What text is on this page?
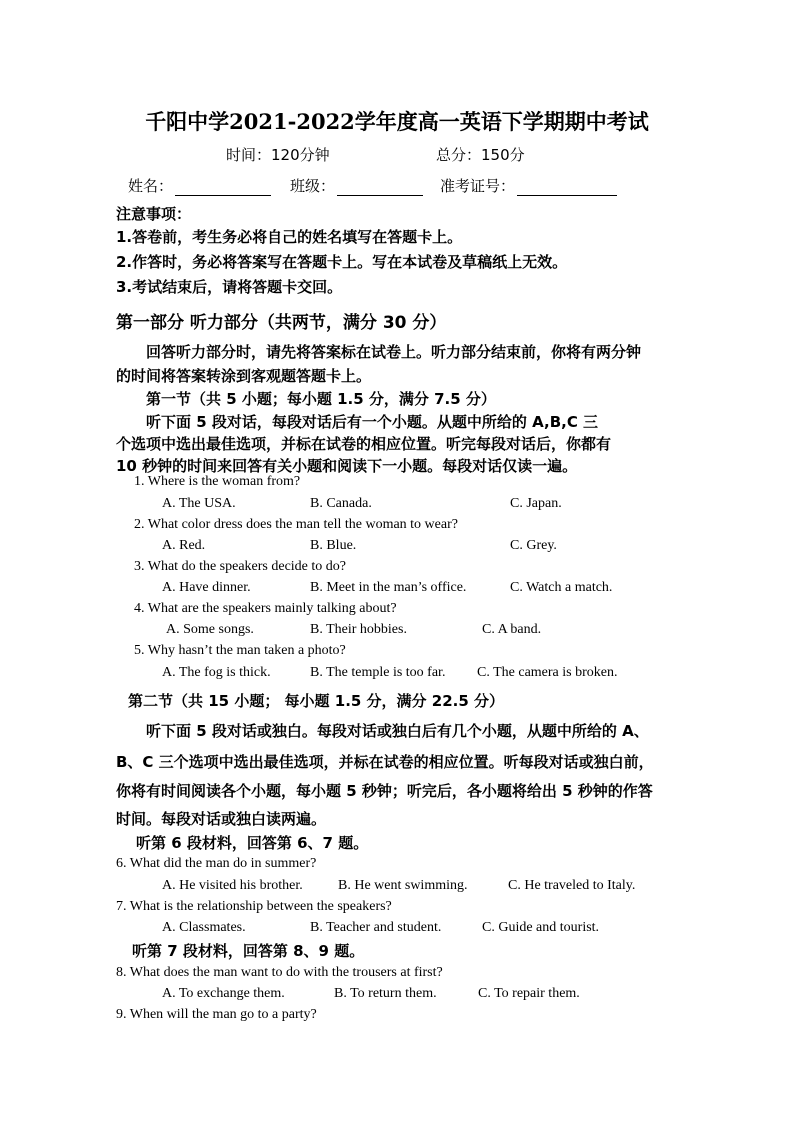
千阳中学2021-2022学年度高一英语下学期期中考试
时间：120分钟	总分：150分
姓名：	班级：	准考证号：
注意事项：
1.答卷前，考生务必将自己的姓名填写在答题卡上。
2.作答时，务必将答案写在答题卡上。写在本试卷及草稿纸上无效。
3.考试结束后，请将答题卡交回。
第一部分 听力部分（共两节，满分 30 分）
回答听力部分时，请先将答案标在试卷上。听力部分结束前，你将有两分钟
的时间将答案转涂到客观题答题卡上。
第一节（共 5 小题；每小题 1.5 分，满分 7.5 分）
听下面 5 段对话，每段对话后有一个小题。从题中所给的 A,B,C 三
个选项中选出最佳选项，并标在试卷的相应位置。听完每段对话后，你都有
10 秒钟的时间来回答有关小题和阅读下一小题。每段对话仅读一遍。
1. Where is the woman from?
A. The USA.	B. Canada.	C. Japan.
2. What color dress does the man tell the woman to wear?
A. Red.	B. Blue.	C. Grey.
3. What do the speakers decide to do?
A. Have dinner.	B. Meet in the man’s office.	C. Watch a match.
4. What are the speakers mainly talking about?
A. Some songs.	B. Their hobbies.	C. A band.
5. Why hasn’t the man taken a photo?
A. The fog is thick.	B. The temple is too far. C. The camera is broken.
第二节（共 15 小题； 每小题 1.5 分，满分 22.5 分）
听下面 5 段对话或独白。每段对话或独白后有几个小题，从题中所给的 A、
B、C 三个选项中选出最佳选项，并标在试卷的相应位置。听每段对话或独白前，
你将有时间阅读各个小题，每小题 5 秒钟；听完后，各小题将给出 5 秒钟的作答
时间。每段对话或独白读两遍。
听第 6 段材料，回答第 6、7 题。
6. What did the man do in summer?
A. He visited his brother.	B. He went swimming.	C. He traveled to Italy.
7. What is the relationship between the speakers?
A. Classmates.	B. Teacher and student.	C. Guide and tourist.
听第 7 段材料，回答第 8、9 题。
8. What does the man want to do with the trousers at first?
A. To exchange them.	B. To return them.	C. To repair them.
9. When will the man go to a party?
